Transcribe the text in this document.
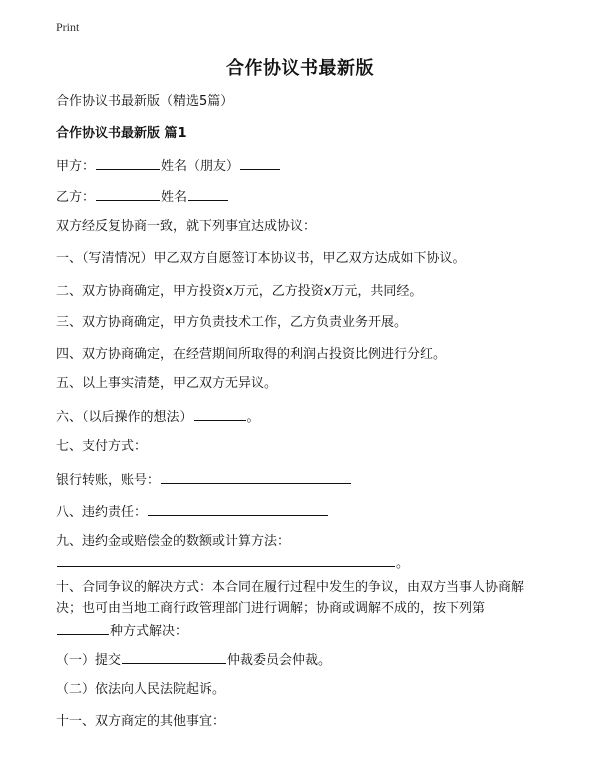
Print
合作协议书最新版
合作协议书最新版（精选5篇）
合作协议书最新版 篇1
甲方：	姓名（朋友）
乙方：	姓名
双方经反复协商一致，就下列事宜达成协议：
一、（写清情况）甲乙双方自愿签订本协议书，甲乙双方达成如下协议。
二、双方协商确定，甲方投资x万元，乙方投资x万元，共同经。
三、双方协商确定，甲方负责技术工作，乙方负责业务开展。
四、双方协商确定，在经营期间所取得的利润占投资比例进行分红。
五、以上事实清楚，甲乙双方无异议。
六、（以后操作的想法）	。
七、支付方式：
银行转账，账号：
八、违约责任：
九、违约金或赔偿金的数额或计算方法：
。
十、合同争议的解决方式：本合同在履行过程中发生的争议，由双方当事人协商解
决；也可由当地工商行政管理部门进行调解；协商或调解不成的，按下列第
种方式解决：
（一）提交	仲裁委员会仲裁。
（二）依法向人民法院起诉。
十一、双方商定的其他事宜：
